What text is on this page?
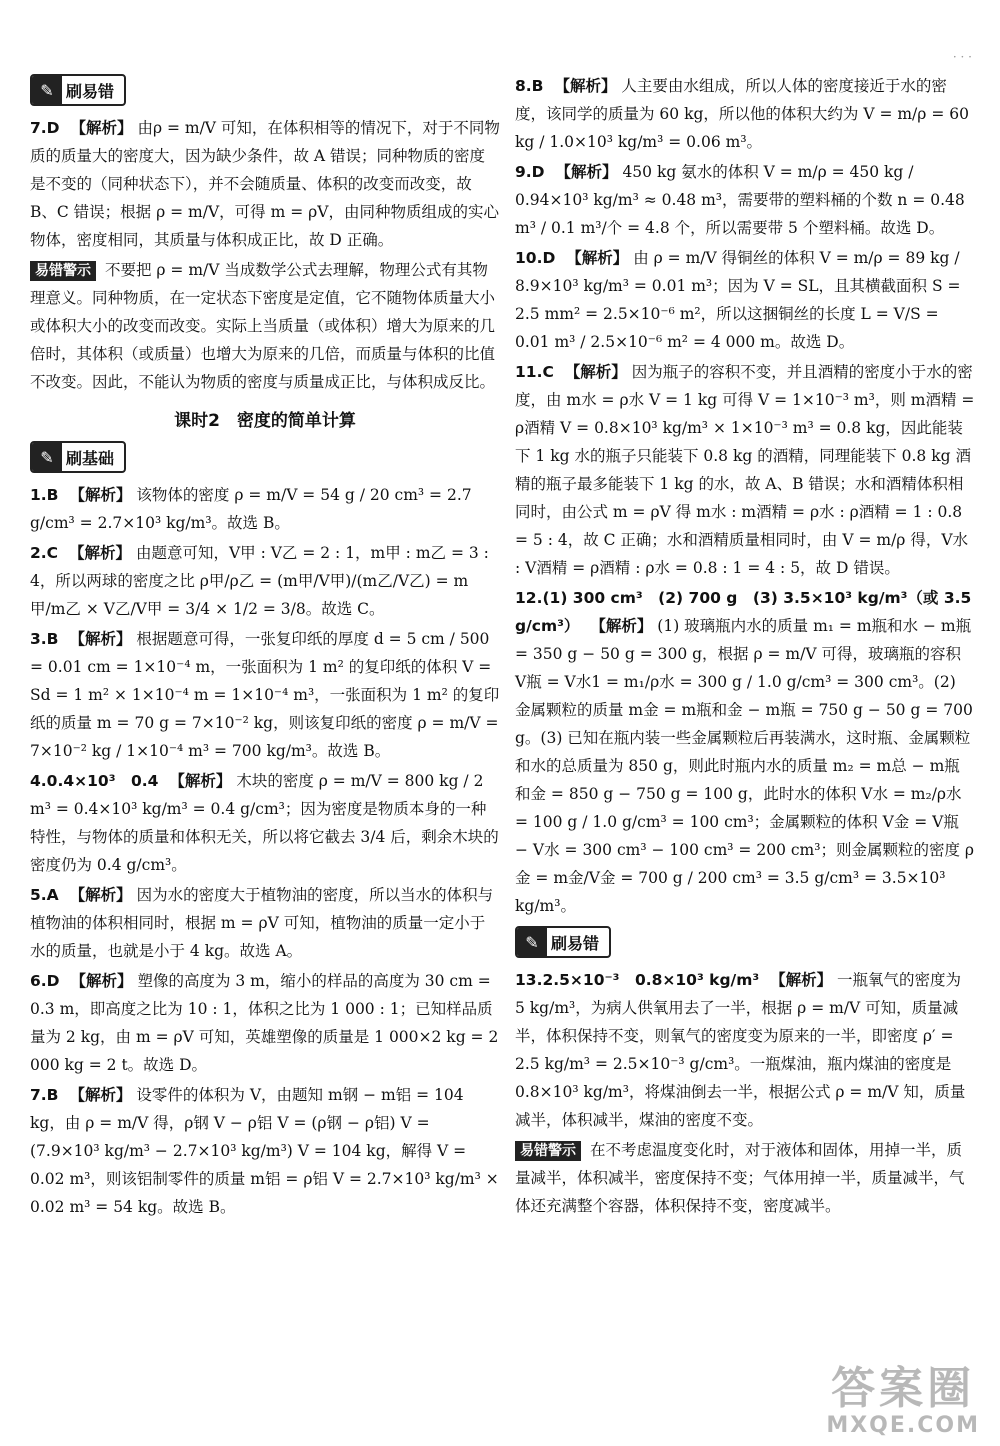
· · ·
✎ 刷易错
7.D 【解析】 由ρ = m/V 可知，在体积相等的情况下，对于不同物质的质量大的密度大，因为缺少条件，故 A 错误；同种物质的密度是不变的（同种状态下），并不会随质量、体积的改变而改变，故 B、C 错误；根据 ρ = m/V，可得 m = ρV，由同种物质组成的实心物体，密度相同，其质量与体积成正比，故 D 正确。
易错警示 不要把 ρ = m/V 当成数学公式去理解，物理公式有其物理意义。同种物质，在一定状态下密度是定值，它不随物体质量大小或体积大小的改变而改变。实际上当质量（或体积）增大为原来的几倍时，其体积（或质量）也增大为原来的几倍，而质量与体积的比值不改变。因此，不能认为物质的密度与质量成正比，与体积成反比。
课时2　密度的简单计算
✎ 刷基础
1.B 【解析】 该物体的密度 ρ = m/V = 54 g / 20 cm³ = 2.7 g/cm³ = 2.7×10³ kg/m³。故选 B。
2.C 【解析】 由题意可知，V甲 : V乙 = 2 : 1，m甲 : m乙 = 3 : 4，所以两球的密度之比 ρ甲/ρ乙 = (m甲/V甲)/(m乙/V乙) = m甲/m乙 × V乙/V甲 = 3/4 × 1/2 = 3/8。故选 C。
3.B 【解析】 根据题意可得，一张复印纸的厚度 d = 5 cm / 500 = 0.01 cm = 1×10⁻⁴ m，一张面积为 1 m² 的复印纸的体积 V = Sd = 1 m² × 1×10⁻⁴ m = 1×10⁻⁴ m³，一张面积为 1 m² 的复印纸的质量 m = 70 g = 7×10⁻² kg，则该复印纸的密度 ρ = m/V = 7×10⁻² kg / 1×10⁻⁴ m³ = 700 kg/m³。故选 B。
4.0.4×10³　0.4 【解析】 木块的密度 ρ = m/V = 800 kg / 2 m³ = 0.4×10³ kg/m³ = 0.4 g/cm³；因为密度是物质本身的一种特性，与物体的质量和体积无关，所以将它截去 3/4 后，剩余木块的密度仍为 0.4 g/cm³。
5.A 【解析】 因为水的密度大于植物油的密度，所以当水的体积与植物油的体积相同时，根据 m = ρV 可知，植物油的质量一定小于水的质量，也就是小于 4 kg。故选 A。
6.D 【解析】 塑像的高度为 3 m，缩小的样品的高度为 30 cm = 0.3 m，即高度之比为 10 : 1，体积之比为 1 000 : 1；已知样品质量为 2 kg，由 m = ρV 可知，英雄塑像的质量是 1 000×2 kg = 2 000 kg = 2 t。故选 D。
7.B 【解析】 设零件的体积为 V，由题知 m钢 − m铝 = 104 kg，由 ρ = m/V 得，ρ钢 V − ρ铝 V = (ρ钢 − ρ铝) V = (7.9×10³ kg/m³ − 2.7×10³ kg/m³) V = 104 kg，解得 V = 0.02 m³，则该铝制零件的质量 m铝 = ρ铝 V = 2.7×10³ kg/m³ × 0.02 m³ = 54 kg。故选 B。
8.B 【解析】 人主要由水组成，所以人体的密度接近于水的密度，该同学的质量为 60 kg，所以他的体积大约为 V = m/ρ = 60 kg / 1.0×10³ kg/m³ = 0.06 m³。
9.D 【解析】 450 kg 氨水的体积 V = m/ρ = 450 kg / 0.94×10³ kg/m³ ≈ 0.48 m³，需要带的塑料桶的个数 n = 0.48 m³ / 0.1 m³/个 = 4.8 个，所以需要带 5 个塑料桶。故选 D。
10.D 【解析】 由 ρ = m/V 得铜丝的体积 V = m/ρ = 89 kg / 8.9×10³ kg/m³ = 0.01 m³；因为 V = SL，且其横截面积 S = 2.5 mm² = 2.5×10⁻⁶ m²，所以这捆铜丝的长度 L = V/S = 0.01 m³ / 2.5×10⁻⁶ m² = 4 000 m。故选 D。
11.C 【解析】 因为瓶子的容积不变，并且酒精的密度小于水的密度，由 m水 = ρ水 V = 1 kg 可得 V = 1×10⁻³ m³，则 m酒精 = ρ酒精 V = 0.8×10³ kg/m³ × 1×10⁻³ m³ = 0.8 kg，因此能装下 1 kg 水的瓶子只能装下 0.8 kg 的酒精，同理能装下 0.8 kg 酒精的瓶子最多能装下 1 kg 的水，故 A、B 错误；水和酒精体积相同时，由公式 m = ρV 得 m水 : m酒精 = ρ水 : ρ酒精 = 1 : 0.8 = 5 : 4，故 C 正确；水和酒精质量相同时，由 V = m/ρ 得，V水 : V酒精 = ρ酒精 : ρ水 = 0.8 : 1 = 4 : 5，故 D 错误。
12.(1) 300 cm³　(2) 700 g　(3) 3.5×10³ kg/m³（或 3.5 g/cm³） 【解析】 (1) 玻璃瓶内水的质量 m₁ = m瓶和水 − m瓶 = 350 g − 50 g = 300 g，根据 ρ = m/V 可得，玻璃瓶的容积 V瓶 = V水1 = m₁/ρ水 = 300 g / 1.0 g/cm³ = 300 cm³。(2) 金属颗粒的质量 m金 = m瓶和金 − m瓶 = 750 g − 50 g = 700 g。(3) 已知在瓶内装一些金属颗粒后再装满水，这时瓶、金属颗粒和水的总质量为 850 g，则此时瓶内水的质量 m₂ = m总 − m瓶和金 = 850 g − 750 g = 100 g，此时水的体积 V水 = m₂/ρ水 = 100 g / 1.0 g/cm³ = 100 cm³；金属颗粒的体积 V金 = V瓶 − V水 = 300 cm³ − 100 cm³ = 200 cm³；则金属颗粒的密度 ρ金 = m金/V金 = 700 g / 200 cm³ = 3.5 g/cm³ = 3.5×10³ kg/m³。
✎ 刷易错
13.2.5×10⁻³　0.8×10³ kg/m³ 【解析】 一瓶氧气的密度为 5 kg/m³，为病人供氧用去了一半，根据 ρ = m/V 可知，质量减半，体积保持不变，则氧气的密度变为原来的一半，即密度 ρ′ = 2.5 kg/m³ = 2.5×10⁻³ g/cm³。一瓶煤油，瓶内煤油的密度是 0.8×10³ kg/m³，将煤油倒去一半，根据公式 ρ = m/V 知，质量减半，体积减半，煤油的密度不变。
易错警示 在不考虑温度变化时，对于液体和固体，用掉一半，质量减半，体积减半，密度保持不变；气体用掉一半，质量减半，气体还充满整个容器，体积保持不变，密度减半。
答案圈
MXQE.COM
